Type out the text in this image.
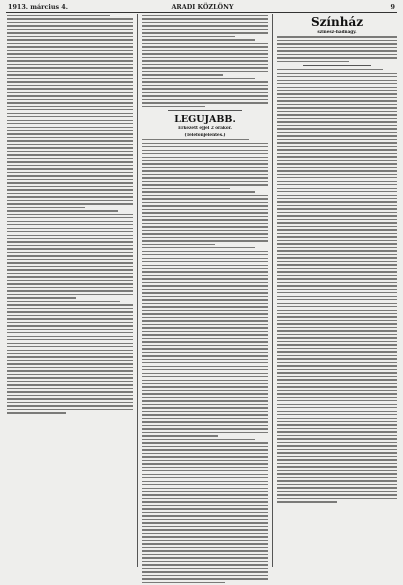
1913. március 4.	ARADI KÖZLÖNY	9
LEGUJABB.
Érkezett éjjel 2 órakor.
(Telefonjelentés.)
Színház
szinész-hadnagy.
